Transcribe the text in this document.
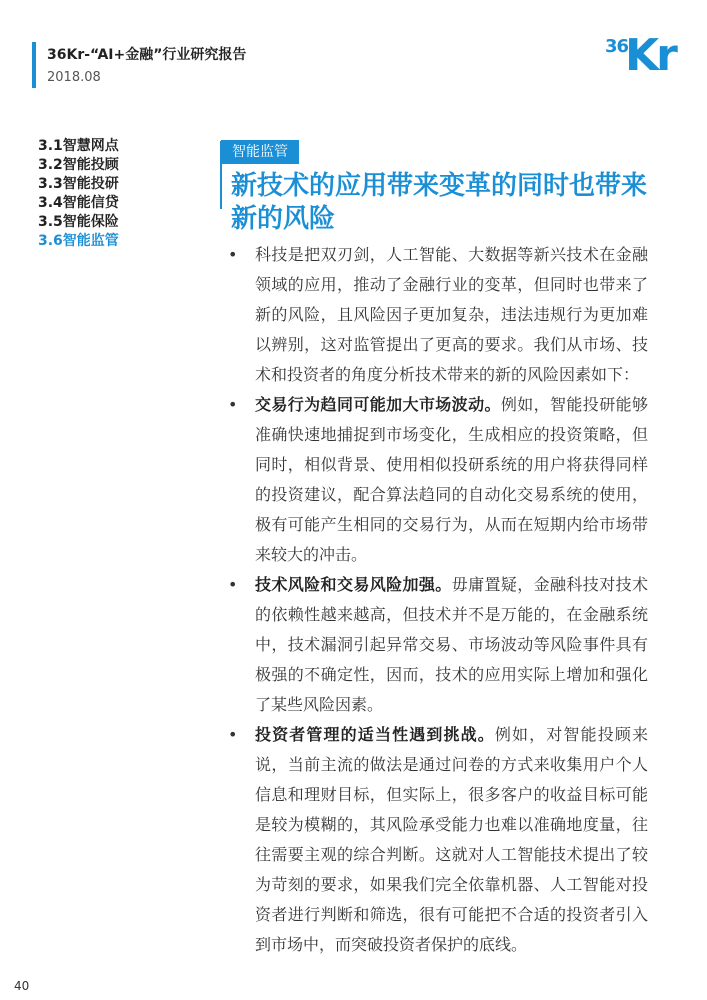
36Kr-“AI+金融”行业研究报告
2018.08
36
Kr
3.1智慧网点
3.2智能投顾
3.3智能投研
3.4智能信贷
3.5智能保险
3.6智能监管
智能监管
新技术的应用带来变革的同时也带来新的风险
• 科技是把双刃剑，人工智能、大数据等新兴技术在金融领域的应用，推动了金融行业的变革，但同时也带来了新的风险，且风险因子更加复杂，违法违规行为更加难以辨别，这对监管提出了更高的要求。我们从市场、技术和投资者的角度分析技术带来的新的风险因素如下：
• 交易行为趋同可能加大市场波动。例如，智能投研能够准确快速地捕捉到市场变化，生成相应的投资策略，但同时，相似背景、使用相似投研系统的用户将获得同样的投资建议，配合算法趋同的自动化交易系统的使用，极有可能产生相同的交易行为，从而在短期内给市场带来较大的冲击。
• 技术风险和交易风险加强。毋庸置疑，金融科技对技术的依赖性越来越高，但技术并不是万能的，在金融系统中，技术漏洞引起异常交易、市场波动等风险事件具有极强的不确定性，因而，技术的应用实际上增加和强化了某些风险因素。
• 投资者管理的适当性遇到挑战。例如，对智能投顾来说，当前主流的做法是通过问卷的方式来收集用户个人信息和理财目标，但实际上，很多客户的收益目标可能是较为模糊的，其风险承受能力也难以准确地度量，往往需要主观的综合判断。这就对人工智能技术提出了较为苛刻的要求，如果我们完全依靠机器、人工智能对投资者进行判断和筛选，很有可能把不合适的投资者引入到市场中，而突破投资者保护的底线。
40
